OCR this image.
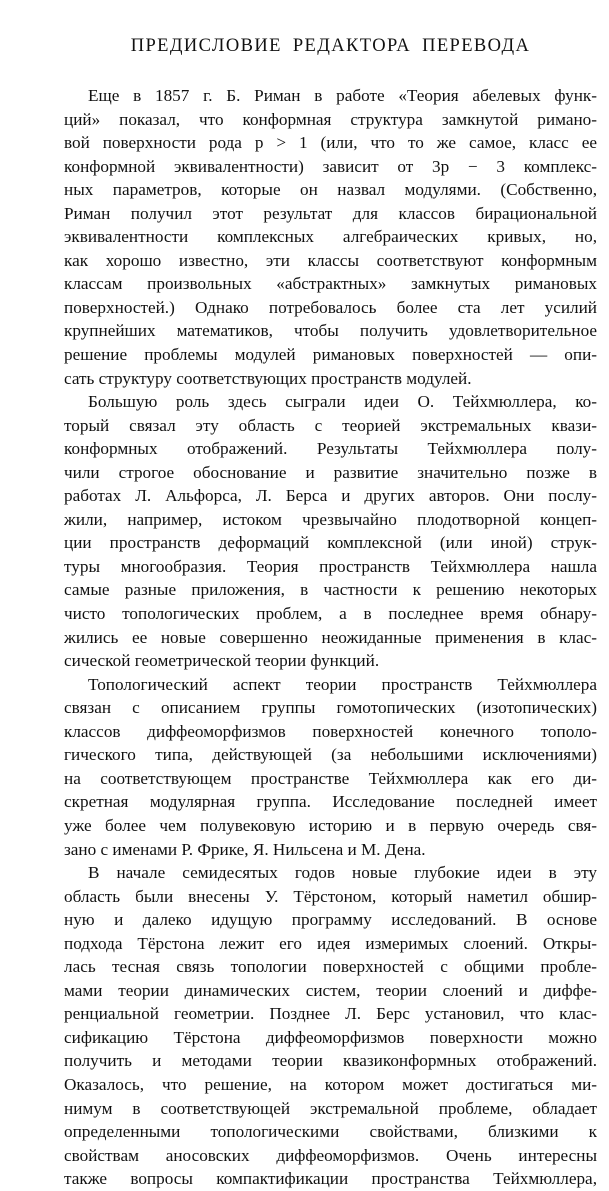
ПРЕДИСЛОВИЕ РЕДАКТОРА ПЕРЕВОДА
Еще в 1857 г. Б. Риман в работе «Теория абелевых функ-
ций» показал, что конформная структура замкнутой римано-
вой поверхности рода p > 1 (или, что то же самое, класс ее
конформной эквивалентности) зависит от 3p − 3 комплекс-
ных параметров, которые он назвал модулями. (Собственно,
Риман получил этот результат для классов бирациональной
эквивалентности комплексных алгебраических кривых, но,
как хорошо известно, эти классы соответствуют конформным
классам произвольных «абстрактных» замкнутых римановых
поверхностей.) Однако потребовалось более ста лет усилий
крупнейших математиков, чтобы получить удовлетворительное
решение проблемы модулей римановых поверхностей — опи-
сать структуру соответствующих пространств модулей.
Большую роль здесь сыграли идеи О. Тейхмюллера, ко-
торый связал эту область с теорией экстремальных квази-
конформных отображений. Результаты Тейхмюллера полу-
чили строгое обоснование и развитие значительно позже в
работах Л. Альфорса, Л. Берса и других авторов. Они послу-
жили, например, истоком чрезвычайно плодотворной концеп-
ции пространств деформаций комплексной (или иной) струк-
туры многообразия. Теория пространств Тейхмюллера нашла
самые разные приложения, в частности к решению некоторых
чисто топологических проблем, а в последнее время обнару-
жились ее новые совершенно неожиданные применения в клас-
сической геометрической теории функций.
Топологический аспект теории пространств Тейхмюллера
связан с описанием группы гомотопических (изотопических)
классов диффеоморфизмов поверхностей конечного тополо-
гического типа, действующей (за небольшими исключениями)
на соответствующем пространстве Тейхмюллера как его ди-
скретная модулярная группа. Исследование последней имеет
уже более чем полувековую историю и в первую очередь свя-
зано с именами Р. Фрике, Я. Нильсена и М. Дена.
В начале семидесятых годов новые глубокие идеи в эту
область были внесены У. Тёрстоном, который наметил обшир-
ную и далеко идущую программу исследований. В основе
подхода Тёрстона лежит его идея измеримых слоений. Откры-
лась тесная связь топологии поверхностей с общими пробле-
мами теории динамических систем, теории слоений и диффе-
ренциальной геометрии. Позднее Л. Берс установил, что клас-
сификацию Тёрстона диффеоморфизмов поверхности можно
получить и методами теории квазиконформных отображений.
Оказалось, что решение, на котором может достигаться ми-
нимум в соответствующей экстремальной проблеме, обладает
определенными топологическими свойствами, близкими к
свойствам аносовских диффеоморфизмов. Очень интересны
также вопросы компактификации пространства Тейхмюллера,
